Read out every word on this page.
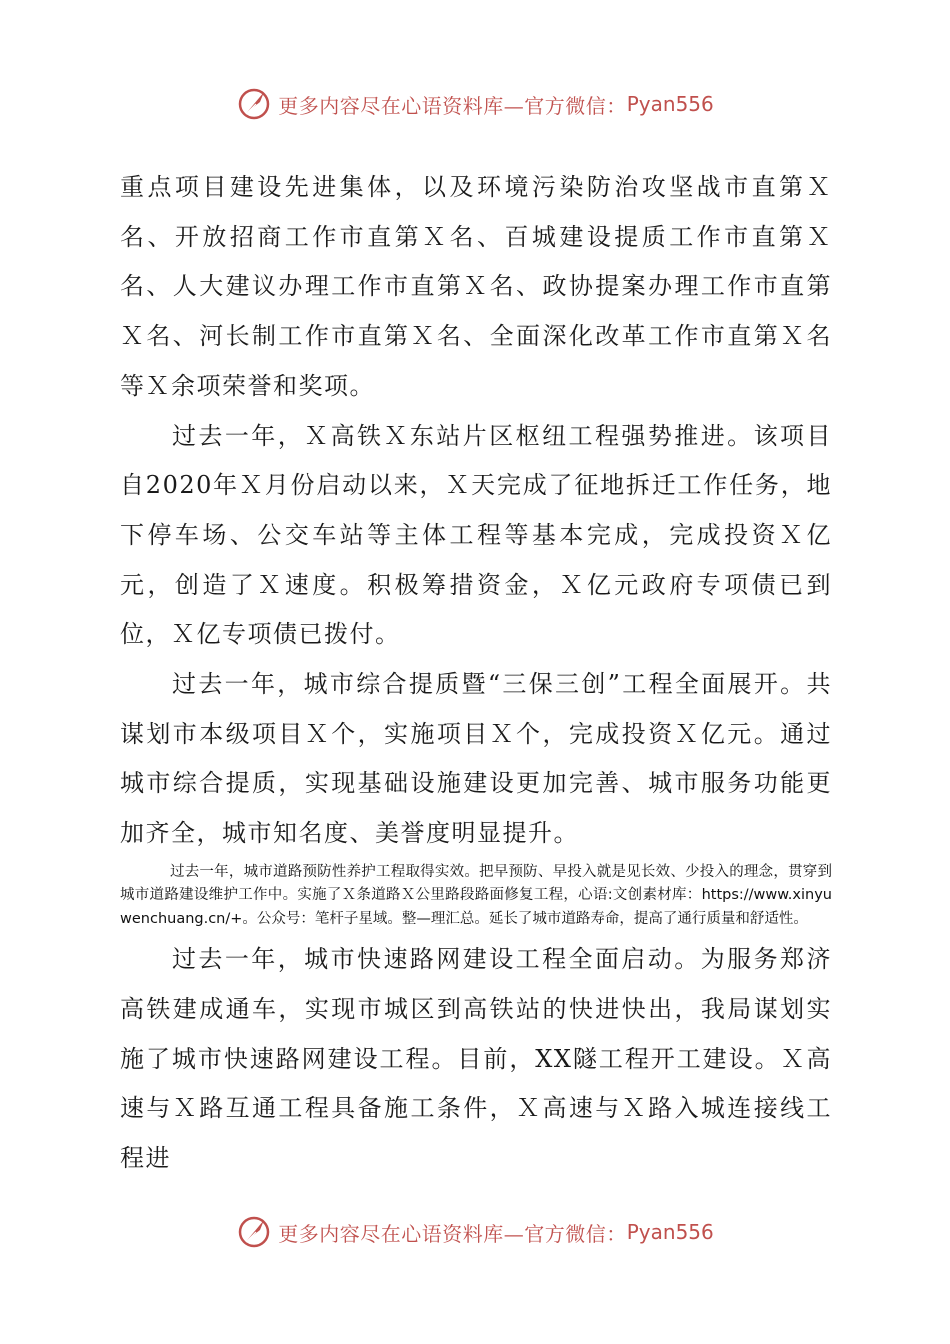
更多内容尽在心语资料库—官方微信： Pyan556

重点项目建设先进集体，以及环境污染防治攻坚战市直第Ｘ名、开放招商工作市直第Ｘ名、百城建设提质工作市直第Ｘ名、人大建议办理工作市直第Ｘ名、政协提案办理工作市直第Ｘ名、河长制工作市直第Ｘ名、全面深化改革工作市直第Ｘ名等Ｘ余项荣誉和奖项。

过去一年，Ｘ高铁Ｘ东站片区枢纽工程强势推进。该项目自2020年Ｘ月份启动以来，Ｘ天完成了征地拆迁工作任务，地下停车场、公交车站等主体工程等基本完成，完成投资Ｘ亿元，创造了Ｘ速度。积极筹措资金，Ｘ亿元政府专项债已到位，Ｘ亿专项债已拨付。

过去一年，城市综合提质暨“三保三创”工程全面展开。共谋划市本级项目Ｘ个，实施项目Ｘ个，完成投资Ｘ亿元。通过城市综合提质，实现基础设施建设更加完善、城市服务功能更加齐全，城市知名度、美誉度明显提升。

过去一年，城市道路预防性养护工程取得实效。把早预防、早投入就是见长效、少投入的理念，贯穿到城市道路建设维护工作中。实施了Ｘ条道路Ｘ公里路段路面修复工程，心语:文创素材库：https://www.xinyuwenchuang.cn/+。公众号：笔杆子星域。整—理汇总。延长了城市道路寿命，提高了通行质量和舒适性。

过去一年，城市快速路网建设工程全面启动。为服务郑济高铁建成通车，实现市城区到高铁站的快进快出，我局谋划实施了城市快速路网建设工程。目前，XX隧工程开工建设。Ｘ高速与Ｘ路互通工程具备施工条件，Ｘ高速与Ｘ路入城连接线工程进

更多内容尽在心语资料库—官方微信： Pyan556
